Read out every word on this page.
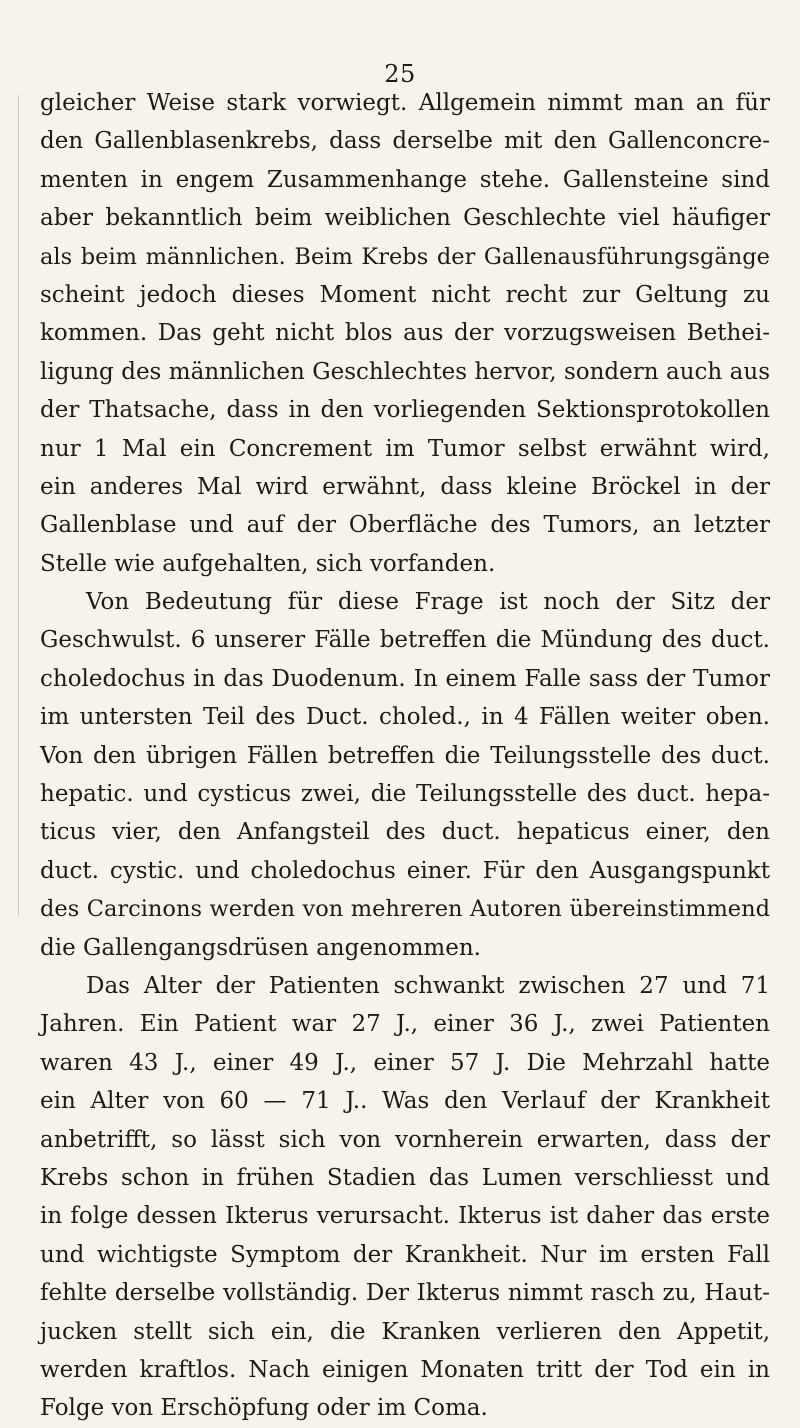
25
gleicher Weise stark vorwiegt. Allgemein nimmt man an für
den Gallenblasenkrebs, dass derselbe mit den Gallenconcre-
menten in engem Zusammenhange stehe. Gallensteine sind
aber bekanntlich beim weiblichen Geschlechte viel häufiger
als beim männlichen. Beim Krebs der Gallenausführungsgänge
scheint jedoch dieses Moment nicht recht zur Geltung zu
kommen. Das geht nicht blos aus der vorzugsweisen Bethei-
ligung des männlichen Geschlechtes hervor, sondern auch aus
der Thatsache, dass in den vorliegenden Sektionsprotokollen
nur 1 Mal ein Concrement im Tumor selbst erwähnt wird,
ein anderes Mal wird erwähnt, dass kleine Bröckel in der
Gallenblase und auf der Oberfläche des Tumors, an letzter
Stelle wie aufgehalten, sich vorfanden.
Von Bedeutung für diese Frage ist noch der Sitz der
Geschwulst. 6 unserer Fälle betreffen die Mündung des duct.
choledochus in das Duodenum. In einem Falle sass der Tumor
im untersten Teil des Duct. choled., in 4 Fällen weiter oben.
Von den übrigen Fällen betreffen die Teilungsstelle des duct.
hepatic. und cysticus zwei, die Teilungsstelle des duct. hepa-
ticus vier, den Anfangsteil des duct. hepaticus einer, den
duct. cystic. und choledochus einer. Für den Ausgangspunkt
des Carcinons werden von mehreren Autoren übereinstimmend
die Gallengangsdrüsen angenommen.
Das Alter der Patienten schwankt zwischen 27 und 71
Jahren. Ein Patient war 27 J., einer 36 J., zwei Patienten
waren 43 J., einer 49 J., einer 57 J. Die Mehrzahl hatte
ein Alter von 60 — 71 J.. Was den Verlauf der Krankheit
anbetrifft, so lässt sich von vornherein erwarten, dass der
Krebs schon in frühen Stadien das Lumen verschliesst und
in folge dessen Ikterus verursacht. Ikterus ist daher das erste
und wichtigste Symptom der Krankheit. Nur im ersten Fall
fehlte derselbe vollständig. Der Ikterus nimmt rasch zu, Haut-
jucken stellt sich ein, die Kranken verlieren den Appetit,
werden kraftlos. Nach einigen Monaten tritt der Tod ein in
Folge von Erschöpfung oder im Coma.
